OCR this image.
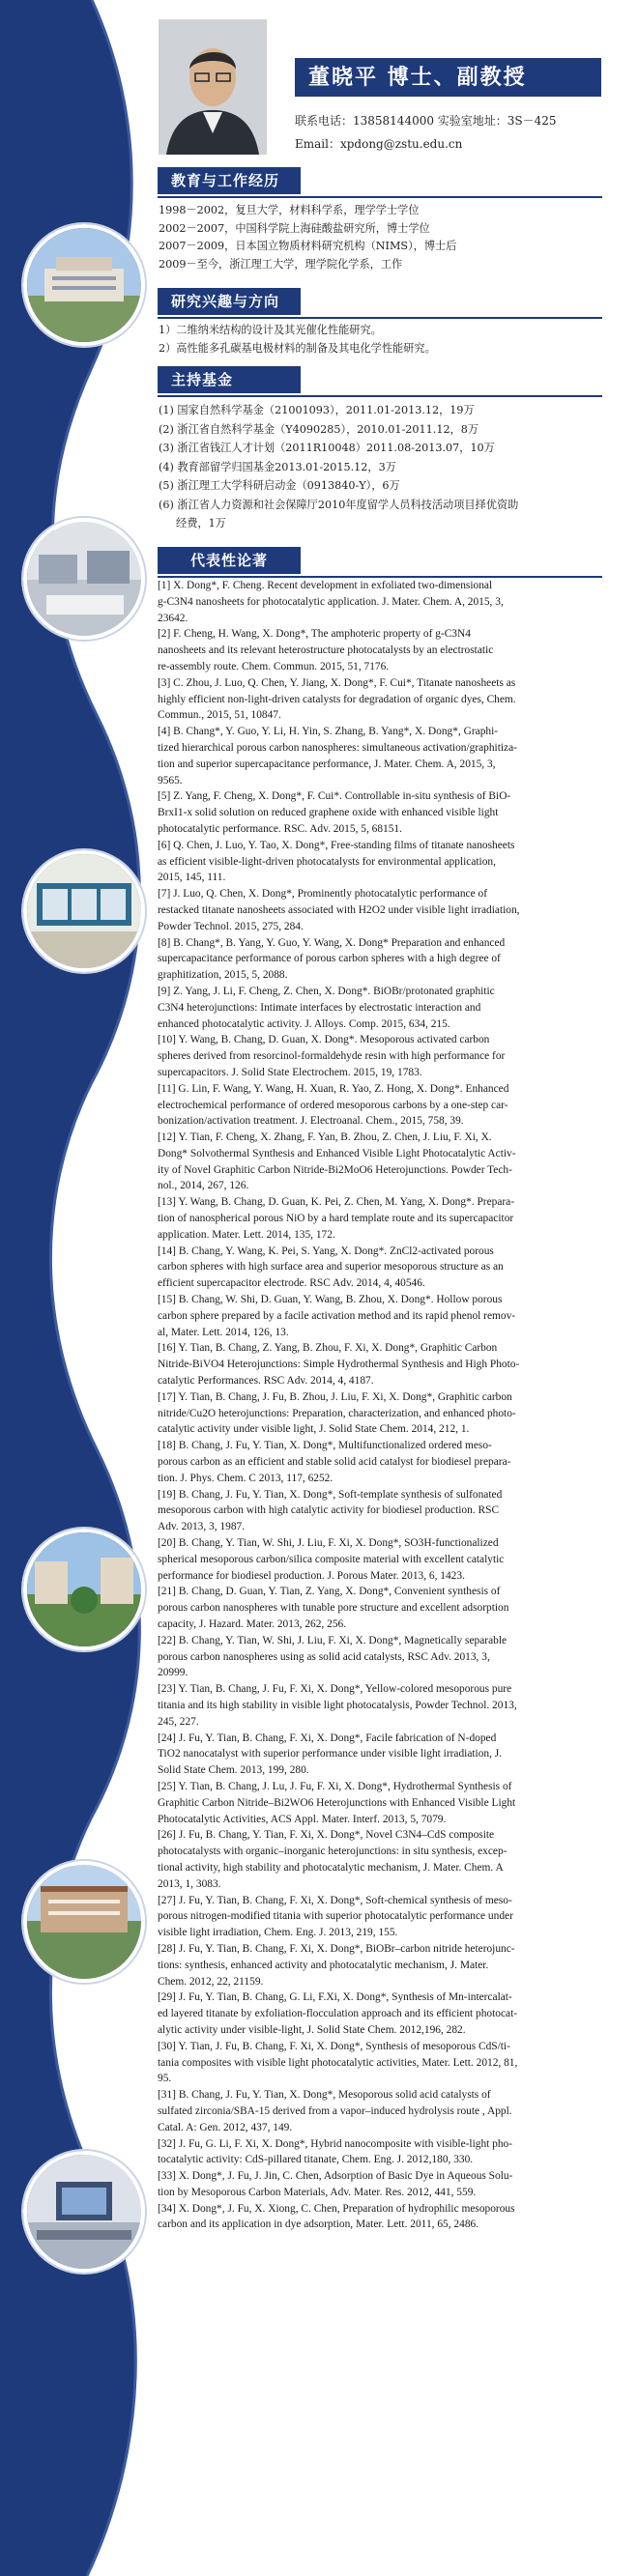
董晓平 博士、副教授
联系电话：13858144000 实验室地址：3S－425
Email：xpdong@zstu.edu.cn
教育与工作经历
1998－2002，复旦大学，材料科学系，理学学士学位
2002－2007，中国科学院上海硅酸盐研究所，博士学位
2007－2009，日本国立物质材料研究机构（NIMS），博士后
2009－至今，浙江理工大学，理学院化学系，工作
研究兴趣与方向
1）二维纳米结构的设计及其光催化性能研究。
2）高性能多孔碳基电极材料的制备及其电化学性能研究。
主持基金
(1) 国家自然科学基金（21001093），2011.01-2013.12，19万
(2) 浙江省自然科学基金（Y4090285），2010.01-2011.12，8万
(3) 浙江省钱江人才计划（2011R10048）2011.08-2013.07，10万
(4) 教育部留学归国基金2013.01-2015.12，3万
(5) 浙江理工大学科研启动金（0913840-Y），6万
(6) 浙江省人力资源和社会保障厅2010年度留学人员科技活动项目择优资助
经费，1万
代表性论著
[1] X. Dong*, F. Cheng. Recent development in exfoliated two-dimensional
g-C3N4 nanosheets for photocatalytic application. J. Mater. Chem. A, 2015, 3,
23642.
[2] F. Cheng, H. Wang, X. Dong*, The amphoteric property of g-C3N4
nanosheets and its relevant heterostructure photocatalysts by an electrostatic
re-assembly route. Chem. Commun. 2015, 51, 7176.
[3] C. Zhou, J. Luo, Q. Chen, Y. Jiang, X. Dong*, F. Cui*, Titanate nanosheets as
highly efficient non-light-driven catalysts for degradation of organic dyes, Chem.
Commun., 2015, 51, 10847.
[4] B. Chang*, Y. Guo, Y. Li, H. Yin, S. Zhang, B. Yang*, X. Dong*, Graphi-
tized hierarchical porous carbon nanospheres: simultaneous activation/graphitiza-
tion and superior supercapacitance performance, J. Mater. Chem. A, 2015, 3,
9565.
[5] Z. Yang, F. Cheng, X. Dong*, F. Cui*. Controllable in-situ synthesis of BiO-
BrxI1-x solid solution on reduced graphene oxide with enhanced visible light
photocatalytic performance. RSC. Adv. 2015, 5, 68151.
[6] Q. Chen, J. Luo, Y. Tao, X. Dong*, Free-standing films of titanate nanosheets
as efficient visible-light-driven photocatalysts for environmental application,
2015, 145, 111.
[7] J. Luo, Q. Chen, X. Dong*, Prominently photocatalytic performance of
restacked titanate nanosheets associated with H2O2 under visible light irradiation,
Powder Technol. 2015, 275, 284.
[8] B. Chang*, B. Yang, Y. Guo, Y. Wang, X. Dong* Preparation and enhanced
supercapacitance performance of porous carbon spheres with a high degree of
graphitization, 2015, 5, 2088.
[9] Z. Yang, J. Li, F. Cheng, Z. Chen, X. Dong*. BiOBr/protonated graphitic
C3N4 heterojunctions: Intimate interfaces by electrostatic interaction and
enhanced photocatalytic activity. J. Alloys. Comp. 2015, 634, 215.
[10] Y. Wang, B. Chang, D. Guan, X. Dong*. Mesoporous activated carbon
spheres derived from resorcinol-formaldehyde resin with high performance for
supercapacitors. J. Solid State Electrochem. 2015, 19, 1783.
[11] G. Lin, F. Wang, Y. Wang, H. Xuan, R. Yao, Z. Hong, X. Dong*. Enhanced
electrochemical performance of ordered mesoporous carbons by a one-step car-
bonization/activation treatment. J. Electroanal. Chem., 2015, 758, 39.
[12] Y. Tian, F. Cheng, X. Zhang, F. Yan, B. Zhou, Z. Chen, J. Liu, F. Xi, X.
Dong* Solvothermal Synthesis and Enhanced Visible Light Photocatalytic Activ-
ity of Novel Graphitic Carbon Nitride-Bi2MoO6 Heterojunctions. Powder Tech-
nol., 2014, 267, 126.
[13] Y. Wang, B. Chang, D. Guan, K. Pei, Z. Chen, M. Yang, X. Dong*. Prepara-
tion of nanospherical porous NiO by a hard template route and its supercapacitor
application. Mater. Lett. 2014, 135, 172.
[14] B. Chang, Y. Wang, K. Pei, S. Yang, X. Dong*. ZnCl2-activated porous
carbon spheres with high surface area and superior mesoporous structure as an
efficient supercapacitor electrode. RSC Adv. 2014, 4, 40546.
[15] B. Chang, W. Shi, D. Guan, Y. Wang, B. Zhou, X. Dong*. Hollow porous
carbon sphere prepared by a facile activation method and its rapid phenol remov-
al, Mater. Lett. 2014, 126, 13.
[16] Y. Tian, B. Chang, Z. Yang, B. Zhou, F. Xi, X. Dong*, Graphitic Carbon
Nitride-BiVO4 Heterojunctions: Simple Hydrothermal Synthesis and High Photo-
catalytic Performances. RSC Adv. 2014, 4, 4187.
[17] Y. Tian, B. Chang, J. Fu, B. Zhou, J. Liu, F. Xi, X. Dong*, Graphitic carbon
nitride/Cu2O heterojunctions: Preparation, characterization, and enhanced photo-
catalytic activity under visible light, J. Solid State Chem. 2014, 212, 1.
[18] B. Chang, J. Fu, Y. Tian, X. Dong*, Multifunctionalized ordered meso-
porous carbon as an efficient and stable solid acid catalyst for biodiesel prepara-
tion. J. Phys. Chem. C 2013, 117, 6252.
[19] B. Chang, J. Fu, Y. Tian, X. Dong*, Soft-template synthesis of sulfonated
mesoporous carbon with high catalytic activity for biodiesel production. RSC
Adv. 2013, 3, 1987.
[20] B. Chang, Y. Tian, W. Shi, J. Liu, F. Xi, X. Dong*, SO3H-functionalized
spherical mesoporous carbon/silica composite material with excellent catalytic
performance for biodiesel production. J. Porous Mater. 2013, 6, 1423.
[21] B. Chang, D. Guan, Y. Tian, Z. Yang, X. Dong*, Convenient synthesis of
porous carbon nanospheres with tunable pore structure and excellent adsorption
capacity, J. Hazard. Mater. 2013, 262, 256.
[22] B. Chang, Y. Tian, W. Shi, J. Liu, F. Xi, X. Dong*, Magnetically separable
porous carbon nanospheres using as solid acid catalysts, RSC Adv. 2013, 3,
20999.
[23] Y. Tian, B. Chang, J. Fu, F. Xi, X. Dong*, Yellow-colored mesoporous pure
titania and its high stability in visible light photocatalysis, Powder Technol. 2013,
245, 227.
[24] J. Fu, Y. Tian, B. Chang, F. Xi, X. Dong*, Facile fabrication of N-doped
TiO2 nanocatalyst with superior performance under visible light irradiation, J.
Solid State Chem. 2013, 199, 280.
[25] Y. Tian, B. Chang, J. Lu, J. Fu, F. Xi, X. Dong*, Hydrothermal Synthesis of
Graphitic Carbon Nitride–Bi2WO6 Heterojunctions with Enhanced Visible Light
Photocatalytic Activities, ACS Appl. Mater. Interf. 2013, 5, 7079.
[26] J. Fu, B. Chang, Y. Tian, F. Xi, X. Dong*, Novel C3N4–CdS composite
photocatalysts with organic–inorganic heterojunctions: in situ synthesis, excep-
tional activity, high stability and photocatalytic mechanism, J. Mater. Chem. A
2013, 1, 3083.
[27] J. Fu, Y. Tian, B. Chang, F. Xi, X. Dong*, Soft-chemical synthesis of meso-
porous nitrogen-modified titania with superior photocatalytic performance under
visible light irradiation, Chem. Eng. J. 2013, 219, 155.
[28] J. Fu, Y. Tian, B. Chang, F. Xi, X. Dong*, BiOBr–carbon nitride heterojunc-
tions: synthesis, enhanced activity and photocatalytic mechanism, J. Mater.
Chem. 2012, 22, 21159.
[29] J. Fu, Y. Tian, B. Chang, G. Li, F.Xi, X. Dong*, Synthesis of Mn-intercalat-
ed layered titanate by exfoliation-flocculation approach and its efficient photocat-
alytic activity under visible-light, J. Solid State Chem. 2012,196, 282.
[30] Y. Tian, J. Fu, B. Chang, F. Xi, X. Dong*, Synthesis of mesoporous CdS/ti-
tania composites with visible light photocatalytic activities, Mater. Lett. 2012, 81,
95.
[31] B. Chang, J. Fu, Y. Tian, X. Dong*, Mesoporous solid acid catalysts of
sulfated zirconia/SBA-15 derived from a vapor–induced hydrolysis route , Appl.
Catal. A: Gen. 2012, 437, 149.
[32] J. Fu, G. Li, F. Xi, X. Dong*, Hybrid nanocomposite with visible-light pho-
tocatalytic activity: CdS-pillared titanate, Chem. Eng. J. 2012,180, 330.
[33] X. Dong*, J. Fu, J. Jin, C. Chen, Adsorption of Basic Dye in Aqueous Solu-
tion by Mesoporous Carbon Materials, Adv. Mater. Res. 2012, 441, 559.
[34] X. Dong*, J. Fu, X. Xiong, C. Chen, Preparation of hydrophilic mesoporous
carbon and its application in dye adsorption, Mater. Lett. 2011, 65, 2486.
